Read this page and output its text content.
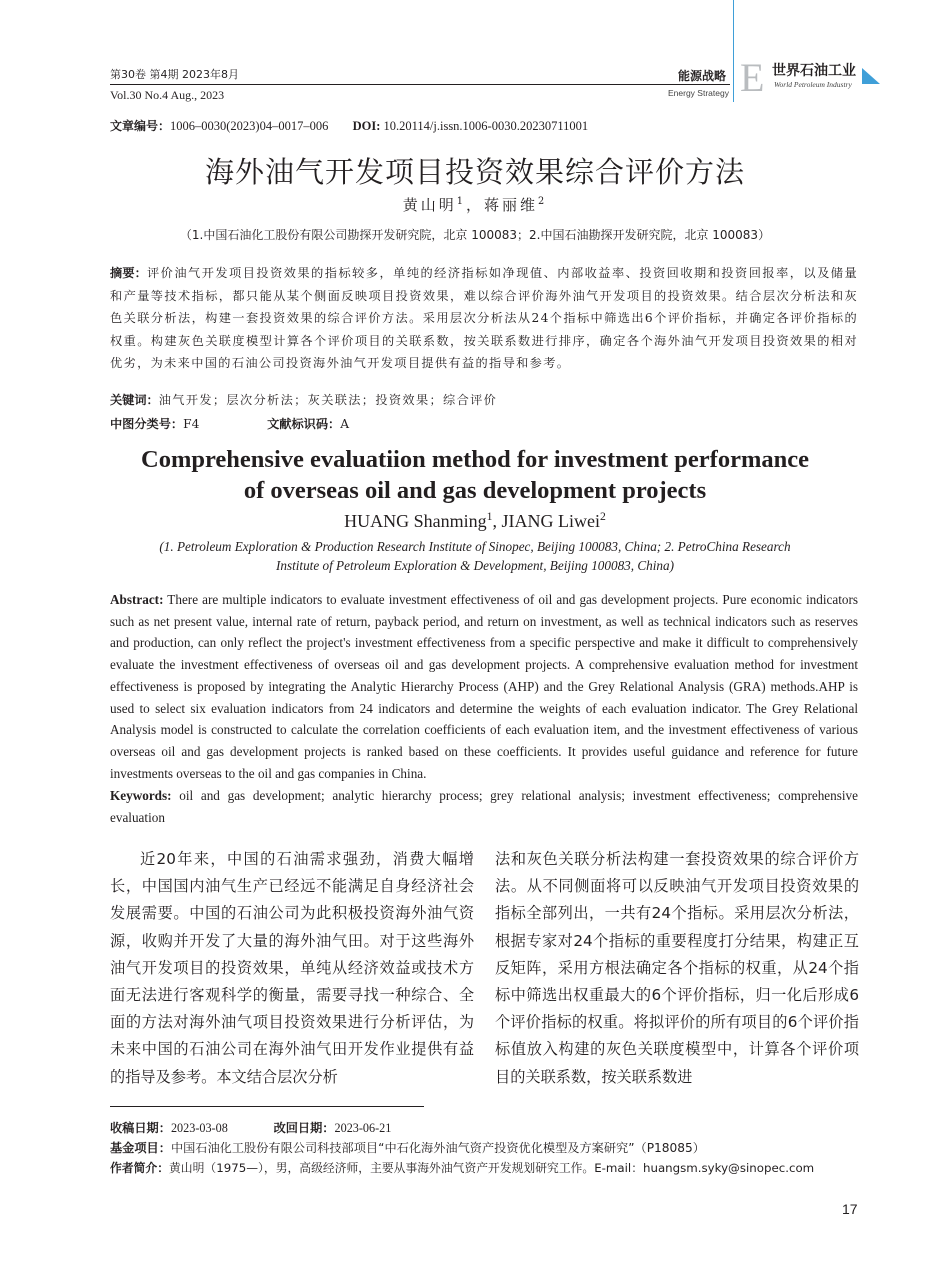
第30卷 第4期 2023年8月
Vol.30 No.4 Aug., 2023
能源战略
Energy Strategy E 世界石油工业
World Petroleum Industry
文章编号：1006–0030(2023)04–0017–006 DOI: 10.20114/j.issn.1006-0030.20230711001
海外油气开发项目投资效果综合评价方法
黄山明$^1$，蒋丽维$^2$
（1.中国石油化工股份有限公司勘探开发研究院，北京 100083；2.中国石油勘探开发研究院，北京 100083）
摘要：评价油气开发项目投资效果的指标较多，单纯的经济指标如净现值、内部收益率、投资回收期和投资回报率，以及储量和产量等技术指标，都只能从某个侧面反映项目投资效果，难以综合评价海外油气开发项目的投资效果。结合层次分析法和灰色关联分析法，构建一套投资效果的综合评价方法。采用层次分析法从24个指标中筛选出6个评价指标，并确定各评价指标的权重。构建灰色关联度模型计算各个评价项目的关联系数，按关联系数进行排序，确定各个海外油气开发项目投资效果的相对优劣，为未来中国的石油公司投资海外油气开发项目提供有益的指导和参考。
关键词：油气开发；层次分析法；灰关联法；投资效果；综合评价
中图分类号：F4	文献标识码：A
Comprehensive evaluatiion method for investment performance
of overseas oil and gas development projects
HUANG Shanming$^1$, JIANG Liwei$^2$
(1. Petroleum Exploration & Production Research Institute of Sinopec, Beijing 100083, China; 2. PetroChina Research Institute of Petroleum Exploration & Development, Beijing 100083, China)
Abstract: There are multiple indicators to evaluate investment effectiveness of oil and gas development projects. Pure economic indicators such as net present value, internal rate of return, payback period, and return on investment, as well as technical indicators such as reserves and production, can only reflect the project's investment effectiveness from a specific perspective and make it difficult to comprehensively evaluate the investment effectiveness of overseas oil and gas development projects. A comprehensive evaluation method for investment effectiveness is proposed by integrating the Analytic Hierarchy Process (AHP) and the Grey Relational Analysis (GRA) methods.AHP is used to select six evaluation indicators from 24 indicators and determine the weights of each evaluation indicator. The Grey Relational Analysis model is constructed to calculate the correlation coefficients of each evaluation item, and the investment effectiveness of various overseas oil and gas development projects is ranked based on these coefficients. It provides useful guidance and reference for future investments overseas to the oil and gas companies in China.
Keywords: oil and gas development; analytic hierarchy process; grey relational analysis; investment effectiveness; comprehensive evaluation
近20年来，中国的石油需求强劲，消费大幅增长，中国国内油气生产已经远不能满足自身经济社会发展需要。中国的石油公司为此积极投资海外油气资源，收购并开发了大量的海外油气田。对于这些海外油气开发项目的投资效果，单纯从经济效益或技术方面无法进行客观科学的衡量，需要寻找一种综合、全面的方法对海外油气项目投资效果进行分析评估，为未来中国的石油公司在海外油气田开发作业提供有益的指导及参考。本文结合层次分析
法和灰色关联分析法构建一套投资效果的综合评价方法。从不同侧面将可以反映油气开发项目投资效果的指标全部列出，一共有24个指标。采用层次分析法，根据专家对24个指标的重要程度打分结果，构建正互反矩阵，采用方根法确定各个指标的权重，从24个指标中筛选出权重最大的6个评价指标，归一化后形成6个评价指标的权重。将拟评价的所有项目的6个评价指标值放入构建的灰色关联度模型中，计算各个评价项目的关联系数，按关联系数进
收稿日期：2023-03-08	改回日期：2023-06-21
基金项目：中国石油化工股份有限公司科技部项目“中石化海外油气资产投资优化模型及方案研究”（P18085）
作者简介：黄山明（1975—），男，高级经济师，主要从事海外油气资产开发规划研究工作。E-mail：huangsm.syky@sinopec.com
17
